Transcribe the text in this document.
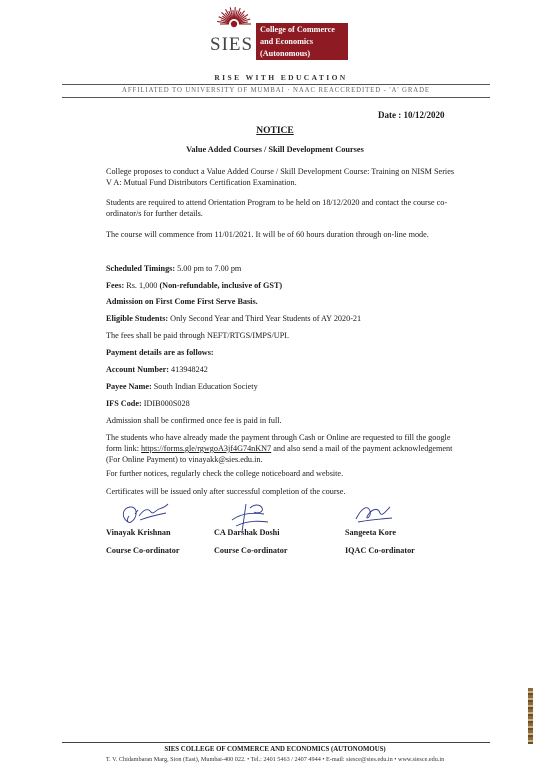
SIES
College of Commerce
and Economics
(Autonomous)
RISE WITH EDUCATION
AFFILIATED TO UNIVERSITY OF MUMBAI · NAAC REACCREDITED - 'A' GRADE
Date : 10/12/2020
NOTICE
Value Added Courses / Skill Development Courses
College proposes to conduct a Value Added Course / Skill Development Course: Training on NISM Series V A: Mutual Fund Distributors Certification Examination.
Students are required to attend Orientation Program to be held on 18/12/2020 and contact the course co-ordinator/s for further details.
The course will commence from 11/01/2021. It will be of 60 hours duration through on-line mode.
Scheduled Timings: 5.00 pm to 7.00 pm
Fees: Rs. 1,000 (Non-refundable, inclusive of GST)
Admission on First Come First Serve Basis.
Eligible Students: Only Second Year and Third Year Students of AY 2020-21
The fees shall be paid through NEFT/RTGS/IMPS/UPI.
Payment details are as follows:
Account Number: 413948242
Payee Name: South Indian Education Society
IFS Code: IDIB000S028
Admission shall be confirmed once fee is paid in full.
The students who have already made the payment through Cash or Online are requested to fill the google form link: https://forms.gle/rgwgoA3jf4G74nKN7 and also send a mail of the payment acknowledgement (For Online Payment) to vinayakk@sies.edu.in.
For further notices, regularly check the college noticeboard and website.
Certificates will be issued only after successful completion of the course.
Vinayak Krishnan
Course Co-ordinator
CA Darshak Doshi
Course Co-ordinator
Sangeeta Kore
IQAC Co-ordinator
SIES COLLEGE OF COMMERCE AND ECONOMICS (AUTONOMOUS)
T. V. Chidambaran Marg, Sion (East), Mumbai-400 022. • Tel.: 2401 5463 / 2407 4944 • E-mail: siesce@sies.edu.in • www.siesce.edu.in
